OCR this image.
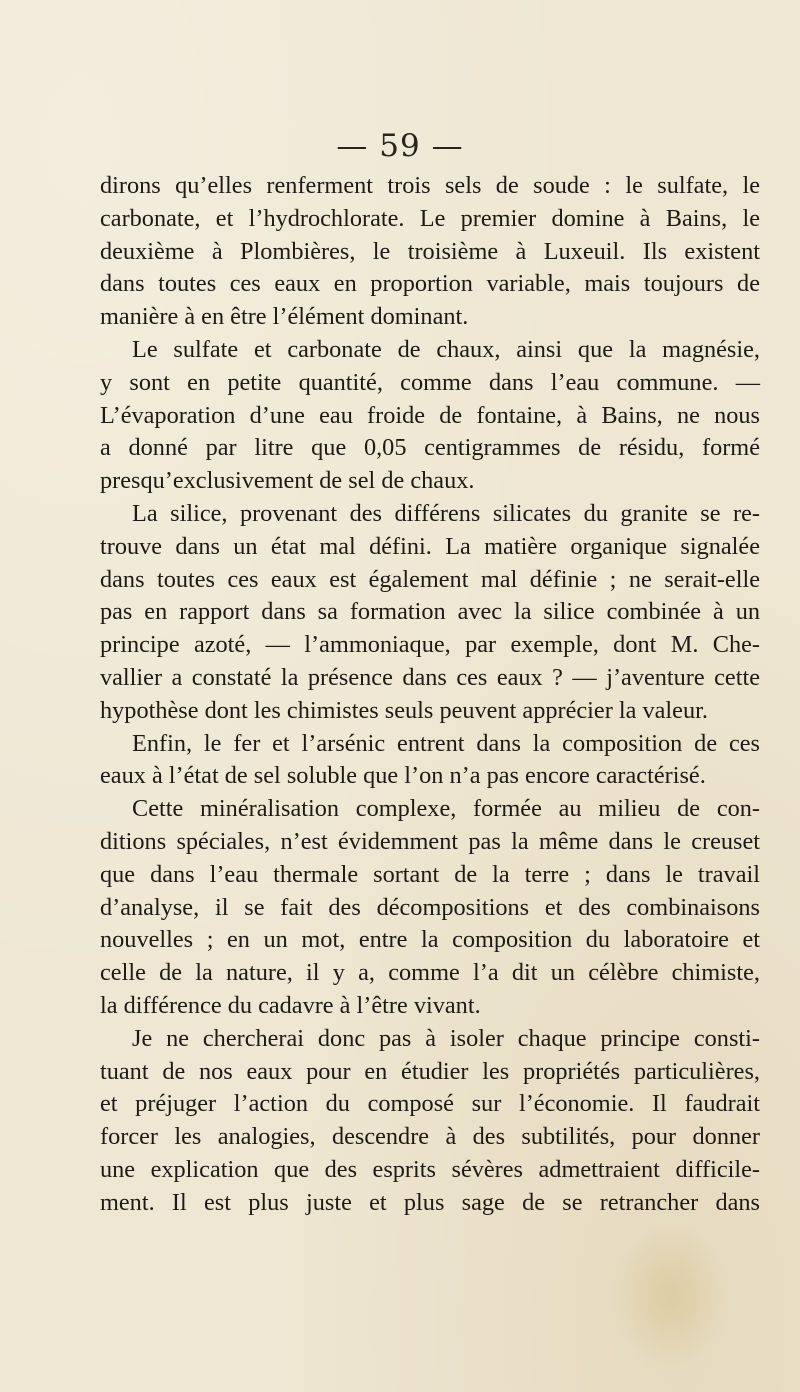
— 59 —

dirons qu’elles renferment trois sels de soude : le sulfate, le

carbonate, et l’hydrochlorate. Le premier domine à Bains, le

deuxième à Plombières, le troisième à Luxeuil. Ils existent

dans toutes ces eaux en proportion variable, mais toujours de

manière à en être l’élément dominant.

Le sulfate et carbonate de chaux, ainsi que la magnésie,

y sont en petite quantité, comme dans l’eau commune. —

L’évaporation d’une eau froide de fontaine, à Bains, ne nous

a donné par litre que 0,05 centigrammes de résidu, formé

presqu’exclusivement de sel de chaux.

La silice, provenant des différens silicates du granite se re-

trouve dans un état mal défini. La matière organique signalée

dans toutes ces eaux est également mal définie ; ne serait-elle

pas en rapport dans sa formation avec la silice combinée à un

principe azoté, — l’ammoniaque, par exemple, dont M. Che-

vallier a constaté la présence dans ces eaux ? — j’aventure cette

hypothèse dont les chimistes seuls peuvent apprécier la valeur.

Enfin, le fer et l’arsénic entrent dans la composition de ces

eaux à l’état de sel soluble que l’on n’a pas encore caractérisé.

Cette minéralisation complexe, formée au milieu de con-

ditions spéciales, n’est évidemment pas la même dans le creuset

que dans l’eau thermale sortant de la terre ; dans le travail

d’analyse, il se fait des décompositions et des combinaisons

nouvelles ; en un mot, entre la composition du laboratoire et

celle de la nature, il y a, comme l’a dit un célèbre chimiste,

la différence du cadavre à l’être vivant.

Je ne chercherai donc pas à isoler chaque principe consti-

tuant de nos eaux pour en étudier les propriétés particulières,

et préjuger l’action du composé sur l’économie. Il faudrait

forcer les analogies, descendre à des subtilités, pour donner

une explication que des esprits sévères admettraient difficile-

ment. Il est plus juste et plus sage de se retrancher dans
